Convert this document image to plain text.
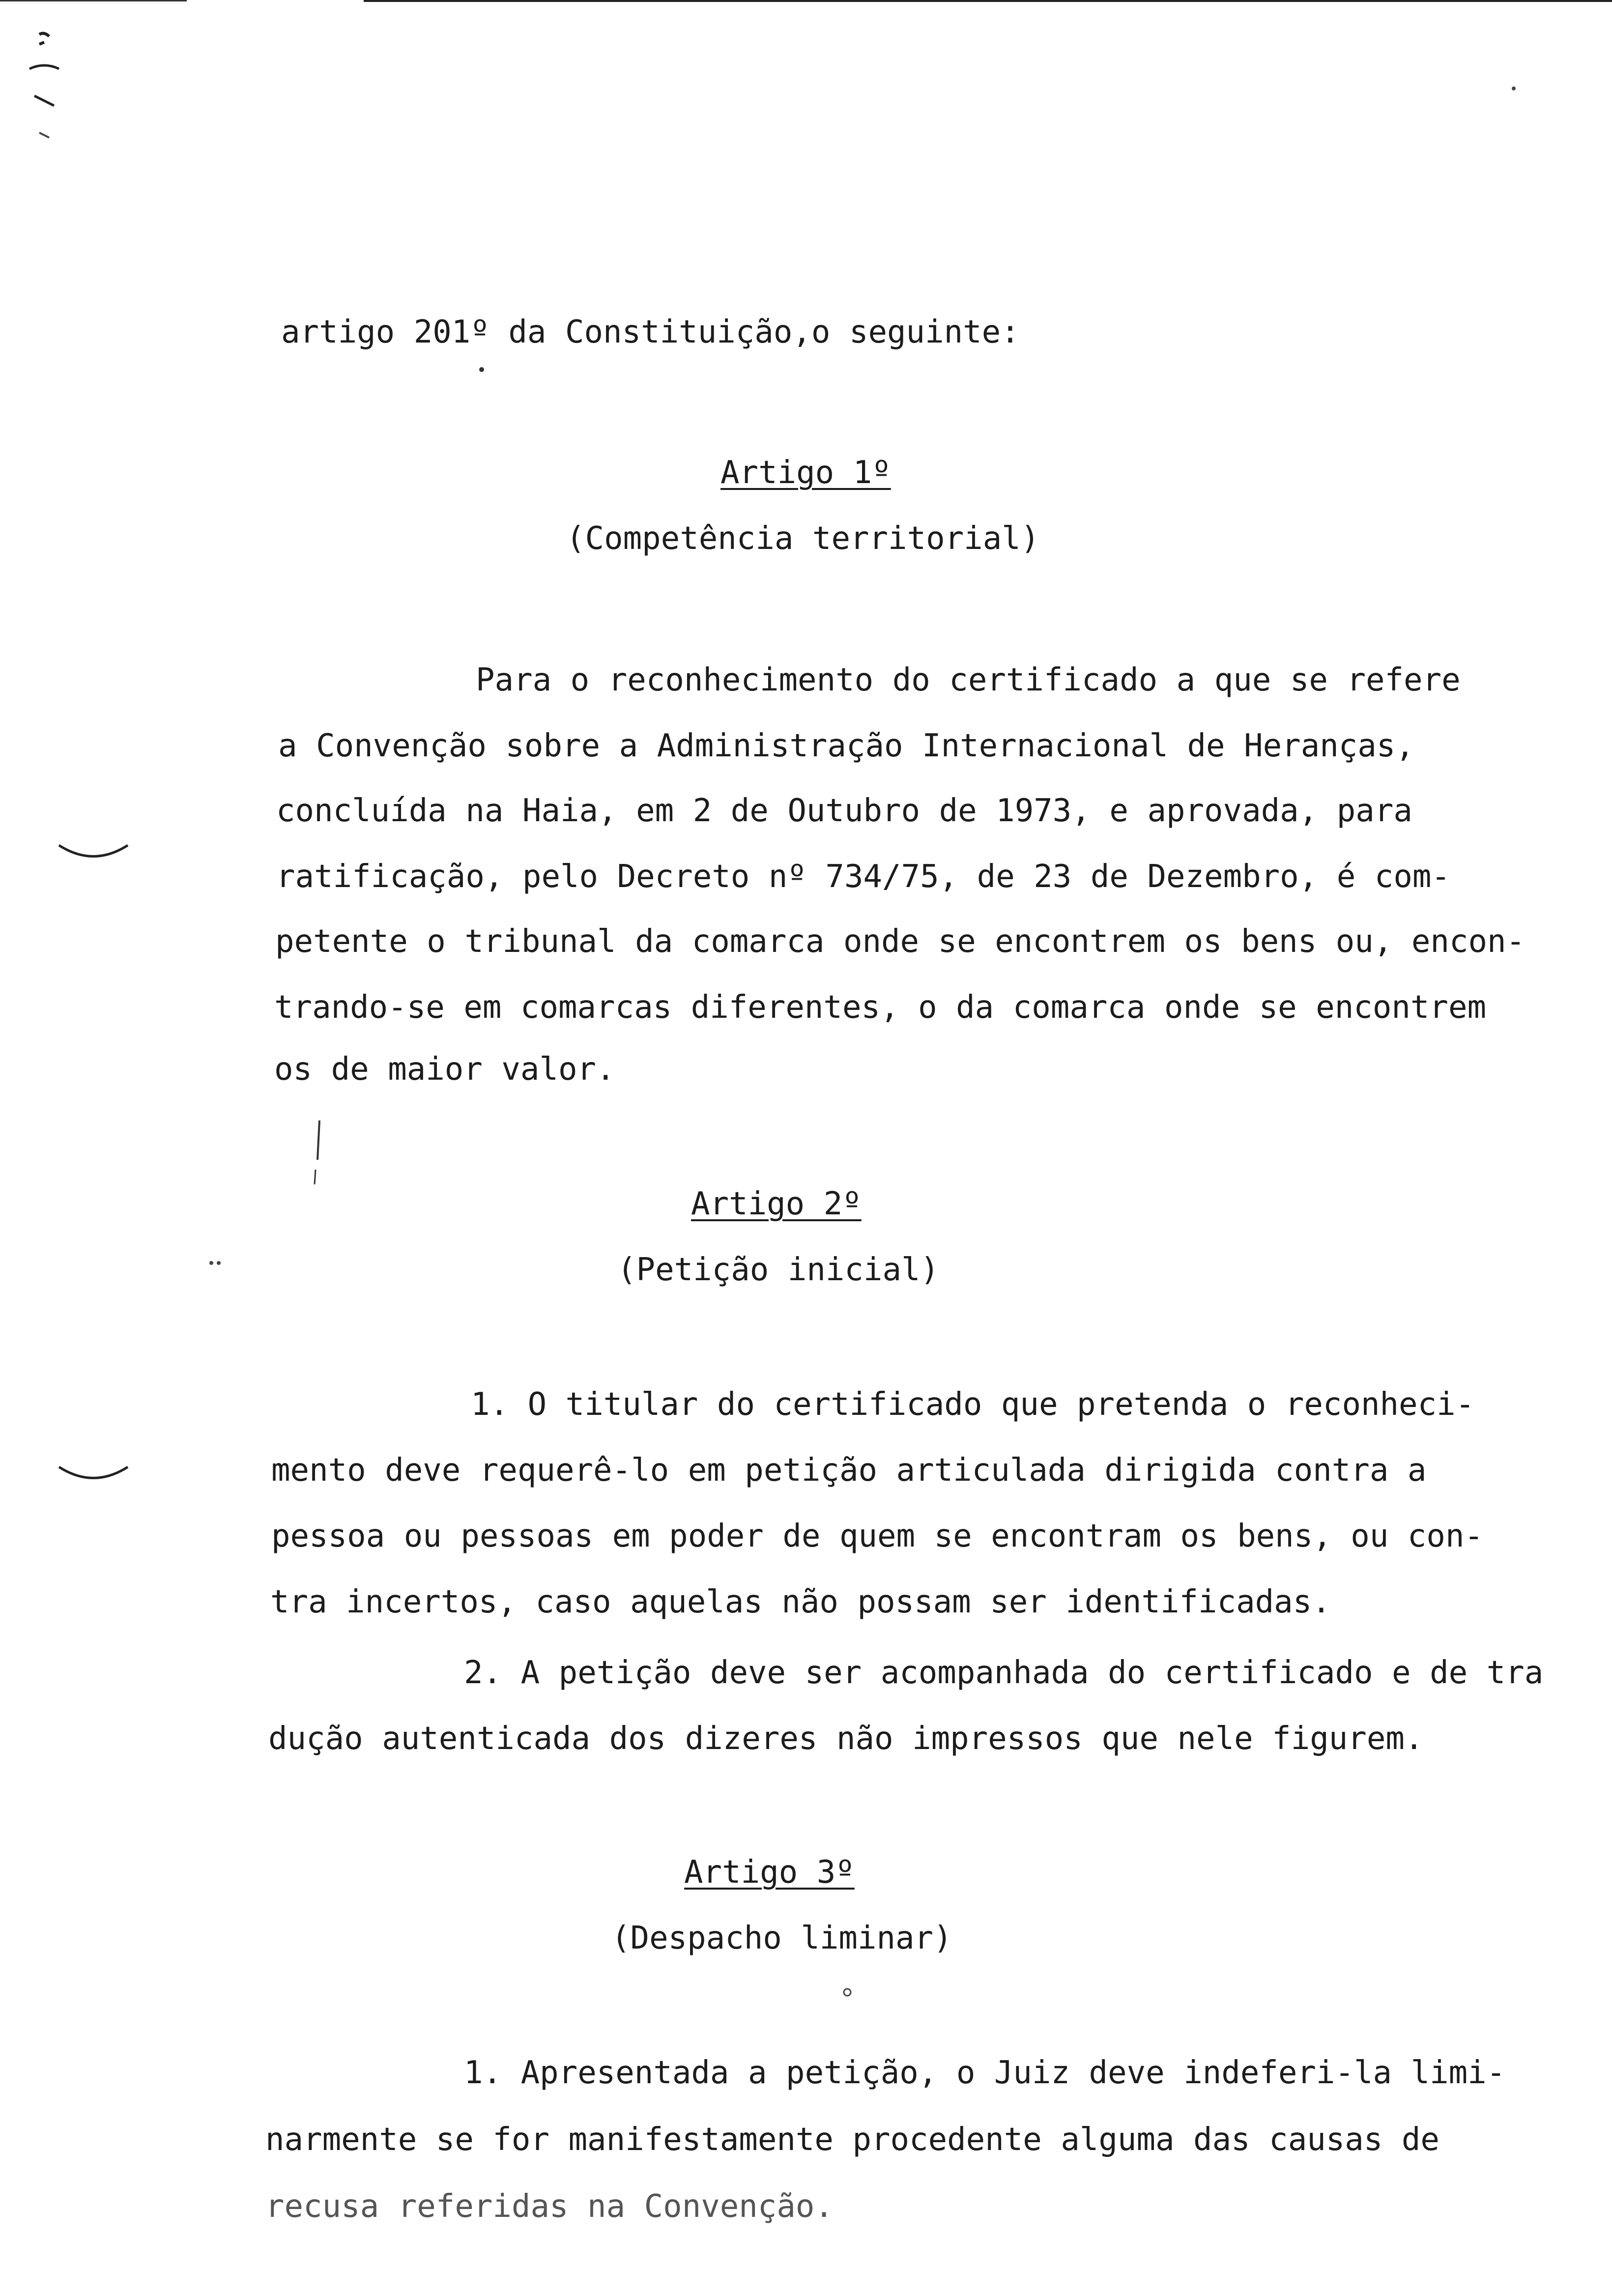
artigo 201º da Constituição,o seguinte:
Artigo 1º
(Competência territorial)
Para o reconhecimento do certificado a que se refere
a Convenção sobre a Administração Internacional de Heranças,
concluída na Haia, em 2 de Outubro de 1973, e aprovada, para
ratificação, pelo Decreto nº 734/75, de 23 de Dezembro, é com-
petente o tribunal da comarca onde se encontrem os bens ou, encon-
trando-se em comarcas diferentes, o da comarca onde se encontrem
os de maior valor.
Artigo 2º
(Petição inicial)
1. O titular do certificado que pretenda o reconheci-
mento deve requerê-lo em petição articulada dirigida contra a
pessoa ou pessoas em poder de quem se encontram os bens, ou con-
tra incertos, caso aquelas não possam ser identificadas.
2. A petição deve ser acompanhada do certificado e de tra
dução autenticada dos dizeres não impressos que nele figurem.
Artigo 3º
(Despacho liminar)
1. Apresentada a petição, o Juiz deve indeferi-la limi-
narmente se for manifestamente procedente alguma das causas de
recusa referidas na Convenção.
